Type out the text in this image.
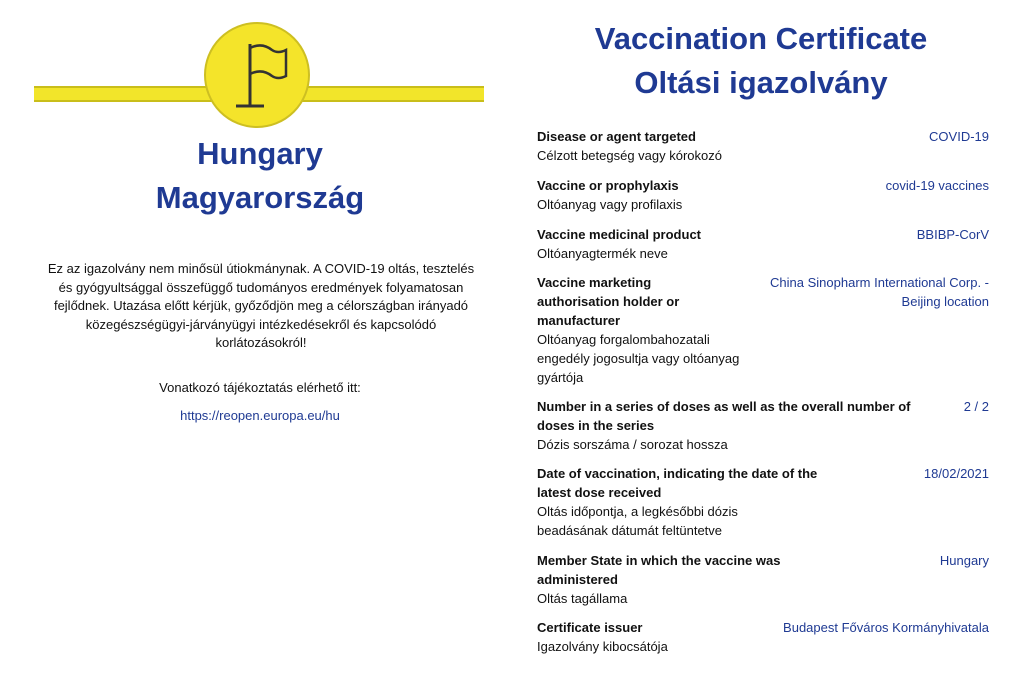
Hungary
Magyarország
Ez az igazolvány nem minősül útiokmánynak. A COVID-19 oltás, tesztelés és gyógyultsággal összefüggő tudományos eredmények folyamatosan fejlődnek. Utazása előtt kérjük, győződjön meg a célországban irányadó közegészségügyi-járványügyi intézkedésekről és kapcsolódó korlátozásokról!
Vonatkozó tájékoztatás elérhető itt:
https://reopen.europa.eu/hu
Vaccination Certificate
Oltási igazolvány
Disease or agent targeted
Célzott betegség vagy kórokozó
COVID-19
Vaccine or prophylaxis
Oltóanyag vagy profilaxis
covid-19 vaccines
Vaccine medicinal product
Oltóanyagtermék neve
BBIBP-CorV
Vaccine marketing authorisation holder or manufacturer
Oltóanyag forgalombahozatali engedély jogosultja vagy oltóanyag gyártója
China Sinopharm International Corp. - Beijing location
Number in a series of doses as well as the overall number of doses in the series
Dózis sorszáma / sorozat hossza
2 / 2
Date of vaccination, indicating the date of the latest dose received
Oltás időpontja, a legkésőbbi dózis beadásának dátumát feltüntetve
18/02/2021
Member State in which the vaccine was administered
Oltás tagállama
Hungary
Certificate issuer
Igazolvány kibocsátója
Budapest Főváros Kormányhivatala
